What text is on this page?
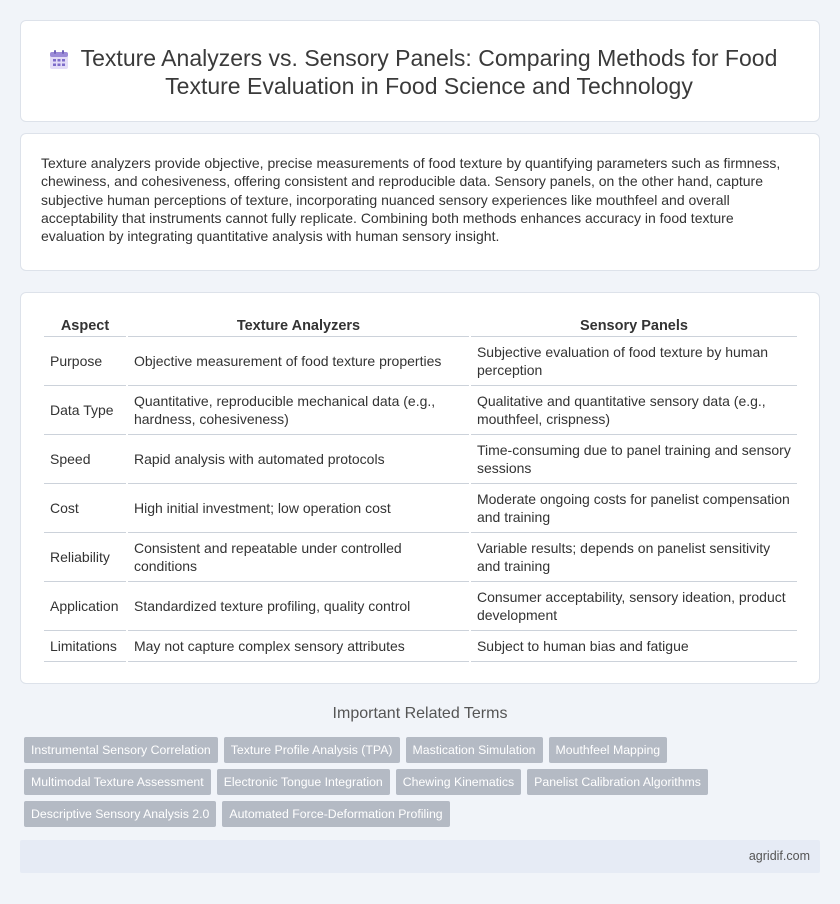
Texture Analyzers vs. Sensory Panels: Comparing Methods for Food Texture Evaluation in Food Science and Technology

Texture analyzers provide objective, precise measurements of food texture by quantifying parameters such as firmness, chewiness, and cohesiveness, offering consistent and reproducible data. Sensory panels, on the other hand, capture subjective human perceptions of texture, incorporating nuanced sensory experiences like mouthfeel and overall acceptability that instruments cannot fully replicate. Combining both methods enhances accuracy in food texture evaluation by integrating quantitative analysis with human sensory insight.

Aspect	Texture Analyzers	Sensory Panels
Purpose	Objective measurement of food texture properties	Subjective evaluation of food texture by human perception
Data Type	Quantitative, reproducible mechanical data (e.g., hardness, cohesiveness)	Qualitative and quantitative sensory data (e.g., mouthfeel, crispness)
Speed	Rapid analysis with automated protocols	Time-consuming due to panel training and sensory sessions
Cost	High initial investment; low operation cost	Moderate ongoing costs for panelist compensation and training
Reliability	Consistent and repeatable under controlled conditions	Variable results; depends on panelist sensitivity and training
Application	Standardized texture profiling, quality control	Consumer acceptability, sensory ideation, product development
Limitations	May not capture complex sensory attributes	Subject to human bias and fatigue
Important Related Terms
Instrumental Sensory Correlation	Texture Profile Analysis (TPA)	Mastication Simulation	Mouthfeel Mapping
Multimodal Texture Assessment	Electronic Tongue Integration	Chewing Kinematics	Panelist Calibration Algorithms
Descriptive Sensory Analysis 2.0	Automated Force-Deformation Profiling
agridif.com
